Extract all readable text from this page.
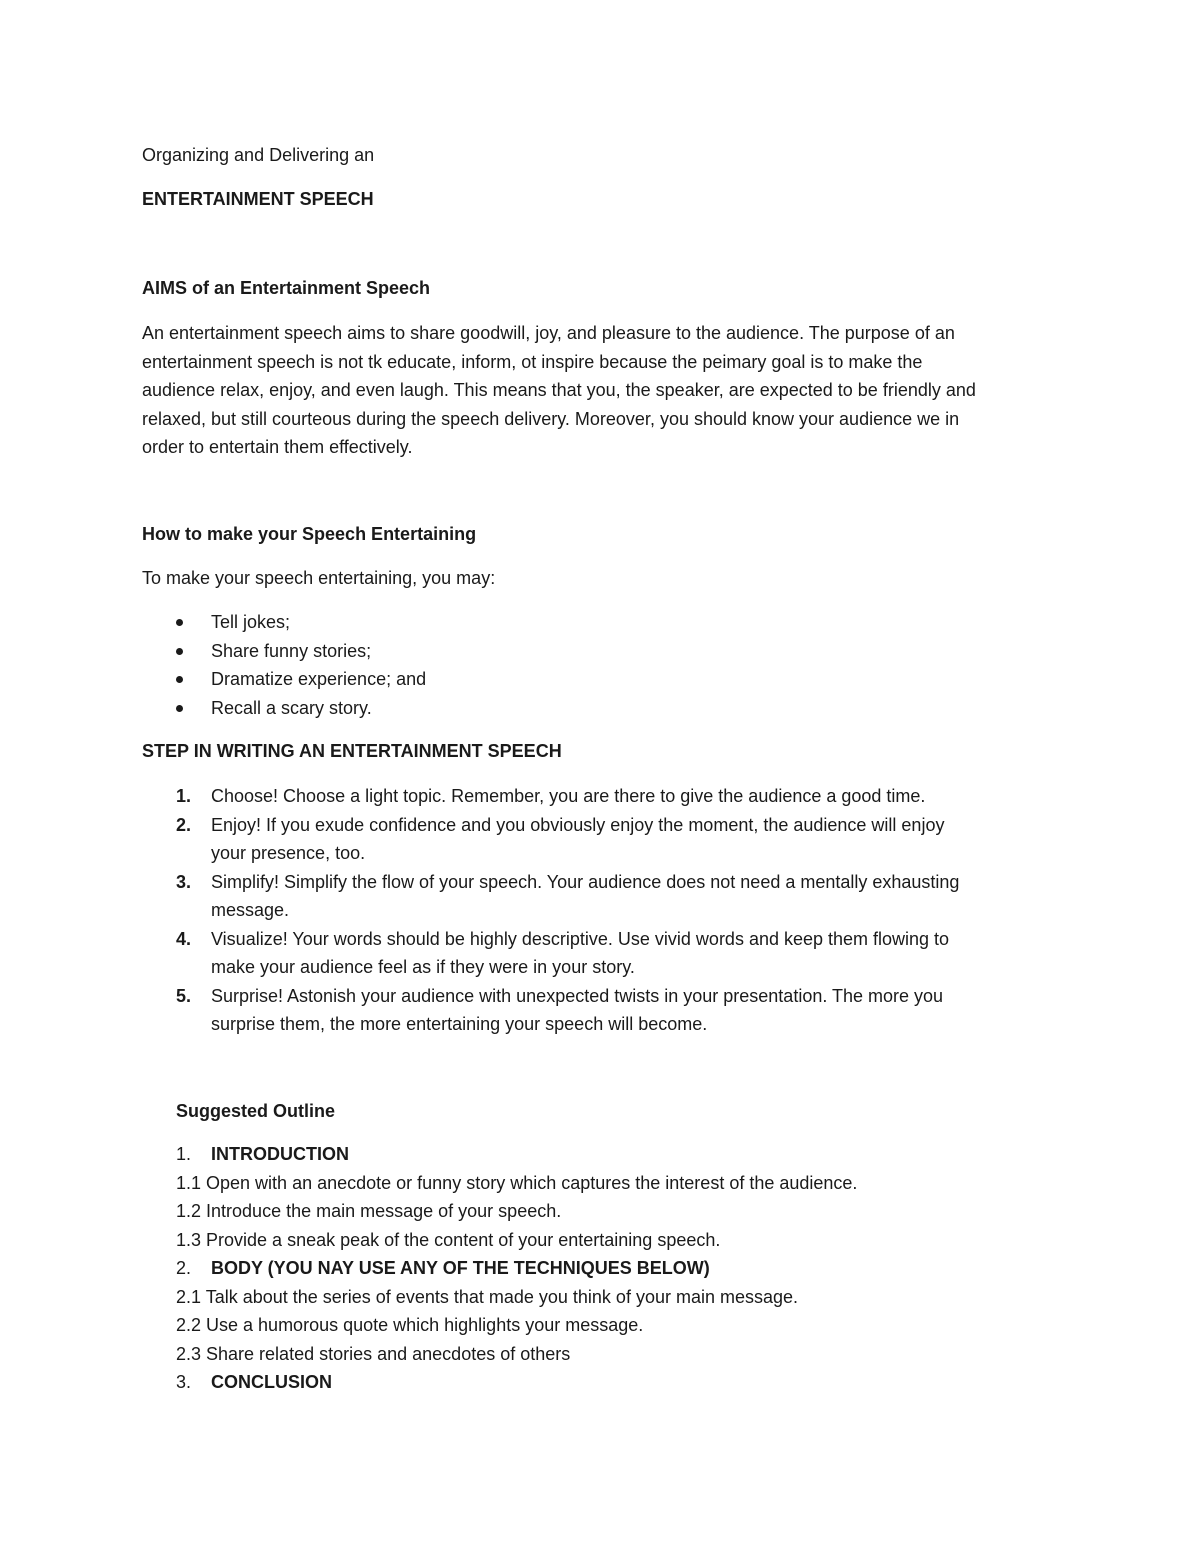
Organizing and Delivering an
ENTERTAINMENT SPEECH
AIMS of an Entertainment Speech
An entertainment speech aims to share goodwill, joy, and pleasure to the audience. The purpose of an
entertainment speech is not tk educate, inform, ot inspire because the peimary goal is to make the
audience relax, enjoy, and even laugh. This means that you, the speaker, are expected to be friendly and
relaxed, but still courteous during the speech delivery. Moreover, you should know your audience we in
order to entertain them effectively.
How to make your Speech Entertaining
To make your speech entertaining, you may:
Tell jokes;
Share funny stories;
Dramatize experience; and
Recall a scary story.
STEP IN WRITING AN ENTERTAINMENT SPEECH
1. Choose! Choose a light topic. Remember, you are there to give the audience a good time.
2. Enjoy! If you exude confidence and you obviously enjoy the moment, the audience will enjoy
your presence, too.
3. Simplify! Simplify the flow of your speech. Your audience does not need a mentally exhausting
message.
4. Visualize! Your words should be highly descriptive. Use vivid words and keep them flowing to
make your audience feel as if they were in your story.
5. Surprise! Astonish your audience with unexpected twists in your presentation. The more you
surprise them, the more entertaining your speech will become.
Suggested Outline
1. INTRODUCTION
1.1 Open with an anecdote or funny story which captures the interest of the audience.
1.2 Introduce the main message of your speech.
1.3 Provide a sneak peak of the content of your entertaining speech.
2. BODY (YOU NAY USE ANY OF THE TECHNIQUES BELOW)
2.1 Talk about the series of events that made you think of your main message.
2.2 Use a humorous quote which highlights your message.
2.3 Share related stories and anecdotes of others
3. CONCLUSION
